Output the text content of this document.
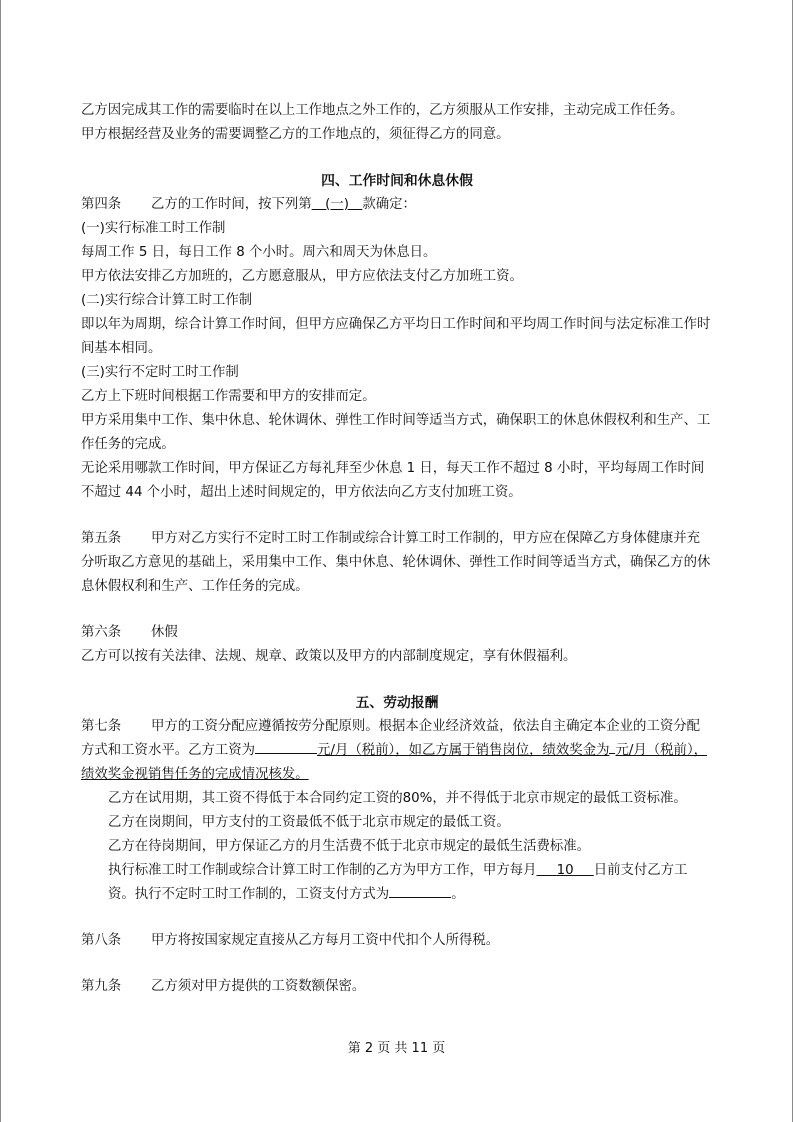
乙方因完成其工作的需要临时在以上工作地点之外工作的，乙方须服从工作安排，主动完成工作任务。

甲方根据经营及业务的需要调整乙方的工作地点的，须征得乙方的同意。

四、工作时间和休息休假

第四条 乙方的工作时间，按下列第  (一)  款确定：

(一)实行标准工时工作制

每周工作 5 日，每日工作 8 个小时。周六和周天为休息日。

甲方依法安排乙方加班的，乙方愿意服从，甲方应依法支付乙方加班工资。

(二)实行综合计算工时工作制

即以年为周期，综合计算工作时间，但甲方应确保乙方平均日工作时间和平均周工作时间与法定标准工作时间基本相同。

(三)实行不定时工时工作制

乙方上下班时间根据工作需要和甲方的安排而定。

甲方采用集中工作、集中休息、轮休调休、弹性工作时间等适当方式，确保职工的休息休假权利和生产、工作任务的完成。

无论采用哪款工作时间，甲方保证乙方每礼拜至少休息 1 日，每天工作不超过 8 小时，平均每周工作时间不超过 44 个小时，超出上述时间规定的，甲方依法向乙方支付加班工资。

第五条 甲方对乙方实行不定时工时工作制或综合计算工时工作制的，甲方应在保障乙方身体健康并充分听取乙方意见的基础上，采用集中工作、集中休息、轮休调休、弹性工作时间等适当方式，确保乙方的休息休假权利和生产、工作任务的完成。

第六条 休假

乙方可以按有关法律、法规、规章、政策以及甲方的内部制度规定，享有休假福利。

五、劳动报酬

第七条 甲方的工资分配应遵循按劳分配原则。根据本企业经济效益，依法自主确定本企业的工资分配方式和工资水平。乙方工资为	元/月（税前），如乙方属于销售岗位，绩效奖金为 元/月（税前），绩效奖金视销售任务的完成情况核发。

乙方在试用期，其工资不得低于本合同约定工资的80%，并不得低于北京市规定的最低工资标准。

乙方在岗期间，甲方支付的工资最低不低于北京市规定的最低工资。

乙方在待岗期间，甲方保证乙方的月生活费不低于北京市规定的最低生活费标准。

执行标准工时工作制或综合计算工时工作制的乙方为甲方工作，甲方每月   10   日前支付乙方工资。执行不定时工时工作制的，工资支付方式为	。

第八条 甲方将按国家规定直接从乙方每月工资中代扣个人所得税。

第九条 乙方须对甲方提供的工资数额保密。

第 2 页 共 11 页
